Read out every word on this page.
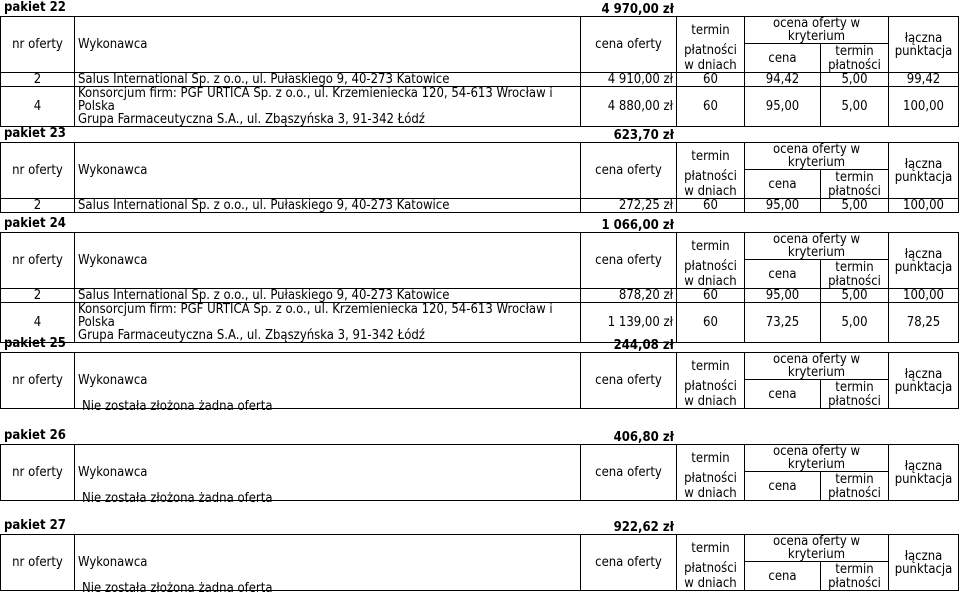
pakiet 22	4 970,00 zł
nr oferty	Wykonawca	cena oferty	termin	ocena oferty w kryterium		łączna
punktacja

			płatności	cena	termin	
			w dniach		płatności	
2	Salus International Sp. z o.o., ul. Pułaskiego 9, 40-273 Katowice	4 910,00 zł	60	94,42	5,00	99,42
4	Konsorcjum firm: PGF URTICA Sp. z o.o., ul. Krzemieniecka 120, 54-613 Wrocław i Polska
Grupa Farmaceutyczna S.A., ul. Zbąszyńska 3, 91-342 Łódź	4 880,00 zł	60	95,00	5,00	100,00
pakiet 23	623,70 zł
nr oferty	Wykonawca	cena oferty	termin	ocena oferty w kryterium		łączna
punktacja

			płatności	cena	termin	
			w dniach		płatności	
2	Salus International Sp. z o.o., ul. Pułaskiego 9, 40-273 Katowice	272,25 zł	60	95,00	5,00	100,00
pakiet 24	1 066,00 zł
nr oferty	Wykonawca	cena oferty	termin	ocena oferty w kryterium		łączna
punktacja

			płatności	cena	termin	
			w dniach		płatności	
2	Salus International Sp. z o.o., ul. Pułaskiego 9, 40-273 Katowice	878,20 zł	60	95,00	5,00	100,00
4	Konsorcjum firm: PGF URTICA Sp. z o.o., ul. Krzemieniecka 120, 54-613 Wrocław i Polska
Grupa Farmaceutyczna S.A., ul. Zbąszyńska 3, 91-342 Łódź	1 139,00 zł	60	73,25	5,00	78,25
pakiet 25	244,08 zł
nr oferty	Wykonawca	cena oferty	termin	ocena oferty w kryterium		łączna
punktacja

			płatności	cena	termin	
			w dniach		płatności	
Nie została złożona żadna oferta
pakiet 26	406,80 zł
nr oferty	Wykonawca	cena oferty	termin	ocena oferty w kryterium		łączna
punktacja

			płatności	cena	termin	
			w dniach		płatności	
Nie została złożona żadna oferta
pakiet 27	922,62 zł
nr oferty	Wykonawca	cena oferty	termin	ocena oferty w kryterium		łączna
punktacja

			płatności	cena	termin	
			w dniach		płatności	
Nie została złożona żadna oferta
